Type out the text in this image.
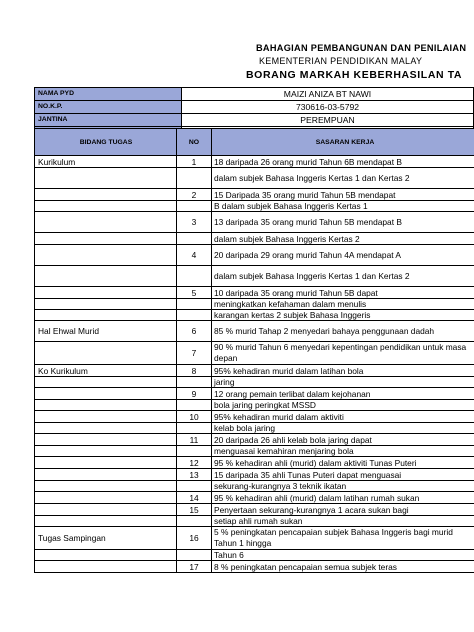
BAHAGIAN PEMBANGUNAN DAN PENILAIAN
KEMENTERIAN PENDIDIKAN MALAY
BORANG MARKAH KEBERHASILAN TA
NAMA PYD	MAIZI ANIZA BT NAWI
NO.K.P.	730616-03-5792
JANTINA	PEREMPUAN

BIDANG TUGAS	NO	SASARAN KERJA
Kurikulum	1	18 daripada 26 orang murid Tahun 6B mendapat B
		dalam subjek Bahasa Inggeris Kertas 1 dan Kertas 2
	2	15 Daripada 35 orang murid Tahun 5B mendapat
		B dalam subjek Bahasa Inggeris Kertas 1
	3	13 daripada 35 orang murid Tahun 5B mendapat B
		dalam subjek Bahasa Inggeris Kertas 2
	4	20 daripada 29 orang murid Tahun 4A mendapat A
		dalam subjek Bahasa Inggeris Kertas 1 dan Kertas 2
	5	10 daripada 35 orang murid Tahun 5B dapat
		meningkatkan kefahaman dalam menulis
		karangan kertas 2 subjek Bahasa Inggeris
Hal Ehwal Murid	6	85 % murid Tahap 2 menyedari bahaya penggunaan dadah
	7	90 % murid Tahun 6 menyedari kepentingan pendidikan untuk masa depan
Ko Kurikulum	8	95% kehadiran murid dalam latihan bola
		jaring
	9	12 orang pemain terlibat dalam kejohanan
		bola jaring peringkat MSSD
	10	95% kehadiran murid dalam aktiviti
		kelab bola jaring
	11	20 daripada 26 ahli kelab bola jaring dapat
		menguasai kemahiran menjaring bola
	12	95 % kehadiran ahli (murid) dalam aktiviti Tunas Puteri
	13	15 daripada 35 ahli Tunas Puteri dapat menguasai
		sekurang-kurangnya 3 teknik ikatan
	14	95 % kehadiran ahli (murid) dalam latihan rumah sukan
	15	Penyertaan sekurang-kurangnya 1 acara sukan bagi
		setiap ahli rumah sukan
Tugas Sampingan	16	5 % peningkatan pencapaian subjek Bahasa Inggeris bagi murid Tahun 1 hingga
		Tahun 6
	17	8 % peningkatan pencapaian semua subjek teras
